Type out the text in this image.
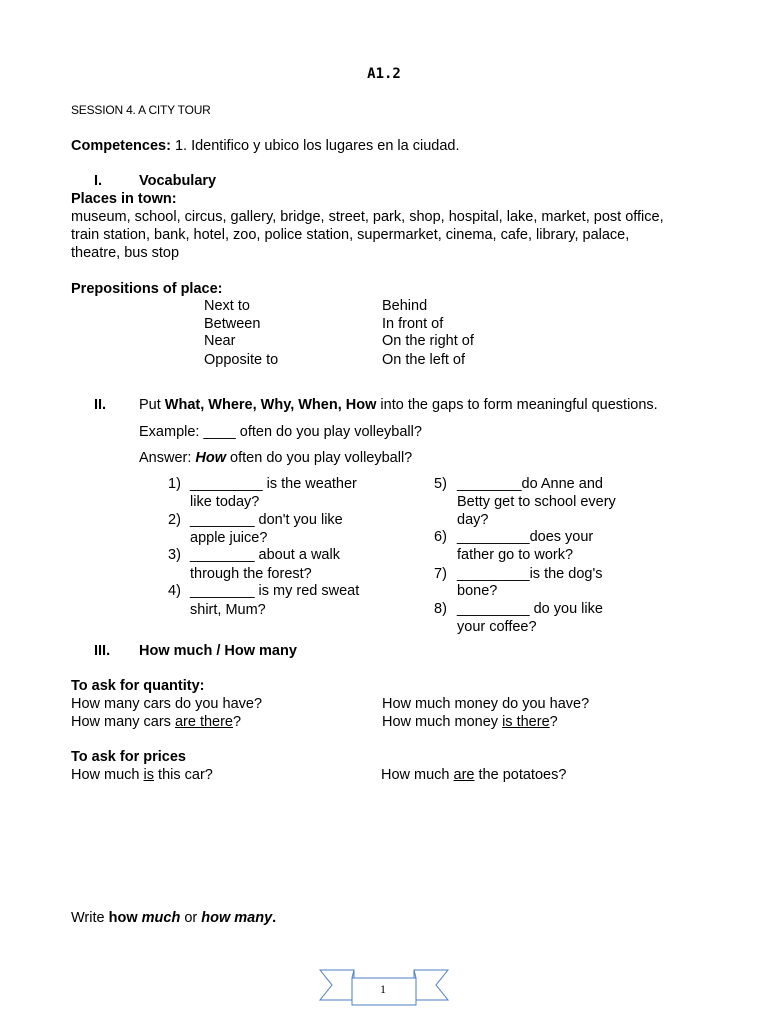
A1.2
SESSION 4. A CITY TOUR
Competences: 1. Identifico y ubico los lugares en la ciudad.
I.	Vocabulary
Places in town:
museum, school, circus, gallery, bridge, street, park, shop, hospital, lake, market, post office,
train station, bank, hotel, zoo, police station, supermarket, cinema, cafe, library, palace,
theatre, bus stop
Prepositions of place:
Next to
Between
Near
Opposite to
Behind
In front of
On the right of
On the left of
II. Put What, Where, Why, When, How into the gaps to form meaningful questions.
Example: ____ often do you play volleyball?
Answer: How often do you play volleyball?
1) _________ is the weather
like today?
2) ________ don't you like
apple juice?
3) ________ about a walk
through the forest?
4) ________ is my red sweat
shirt, Mum?
5) ________do Anne and
Betty get to school every
day?
6) _________does your
father go to work?
7) _________is the dog's
bone?
8) _________ do you like
your coffee?
III. How much / How many
To ask for quantity:
How many cars do you have?
How many cars are there?
How much money do you have?
How much money is there?
To ask for prices
How much is this car?	How much are the potatoes?
Write how much or how many.
1
